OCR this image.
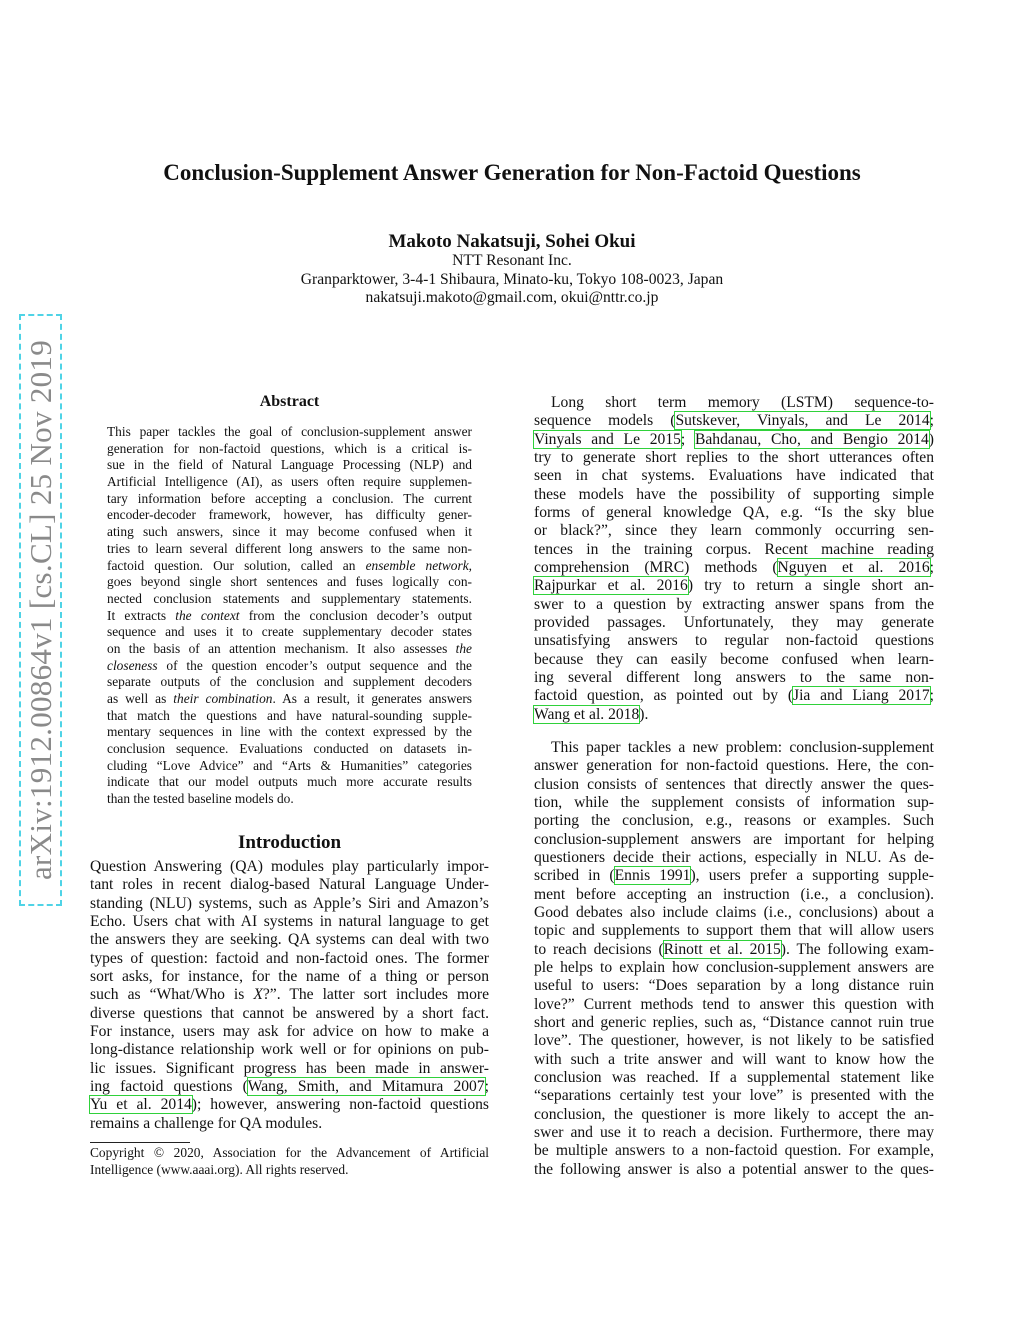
arXiv:1912.00864v1 [cs.CL] 25 Nov 2019
Conclusion-Supplement Answer Generation for Non-Factoid Questions
Makoto Nakatsuji, Sohei Okui
NTT Resonant Inc.
Granparktower, 3-4-1 Shibaura, Minato-ku, Tokyo 108-0023, Japan
nakatsuji.makoto@gmail.com, okui@nttr.co.jp
Abstract
This paper tackles the goal of conclusion-supplement answer
generation for non-factoid questions, which is a critical is-
sue in the field of Natural Language Processing (NLP) and
Artificial Intelligence (AI), as users often require supplemen-
tary information before accepting a conclusion. The current
encoder-decoder framework, however, has difficulty gener-
ating such answers, since it may become confused when it
tries to learn several different long answers to the same non-
factoid question. Our solution, called an ensemble network,
goes beyond single short sentences and fuses logically con-
nected conclusion statements and supplementary statements.
It extracts the context from the conclusion decoder’s output
sequence and uses it to create supplementary decoder states
on the basis of an attention mechanism. It also assesses the
closeness of the question encoder’s output sequence and the
separate outputs of the conclusion and supplement decoders
as well as their combination. As a result, it generates answers
that match the questions and have natural-sounding supple-
mentary sequences in line with the context expressed by the
conclusion sequence. Evaluations conducted on datasets in-
cluding “Love Advice” and “Arts & Humanities” categories
indicate that our model outputs much more accurate results
than the tested baseline models do.
Introduction
Question Answering (QA) modules play particularly impor-
tant roles in recent dialog-based Natural Language Under-
standing (NLU) systems, such as Apple’s Siri and Amazon’s
Echo. Users chat with AI systems in natural language to get
the answers they are seeking. QA systems can deal with two
types of question: factoid and non-factoid ones. The former
sort asks, for instance, for the name of a thing or person
such as “What/Who is X?”. The latter sort includes more
diverse questions that cannot be answered by a short fact.
For instance, users may ask for advice on how to make a
long-distance relationship work well or for opinions on pub-
lic issues. Significant progress has been made in answer-
ing factoid questions (Wang, Smith, and Mitamura 2007;
Yu et al. 2014); however, answering non-factoid questions
remains a challenge for QA modules.
Copyright © 2020, Association for the Advancement of Artificial
Intelligence (www.aaai.org). All rights reserved.
Long short term memory (LSTM) sequence-to-
sequence models (Sutskever, Vinyals, and Le 2014;
Vinyals and Le 2015; Bahdanau, Cho, and Bengio 2014)
try to generate short replies to the short utterances often
seen in chat systems. Evaluations have indicated that
these models have the possibility of supporting simple
forms of general knowledge QA, e.g. “Is the sky blue
or black?”, since they learn commonly occurring sen-
tences in the training corpus. Recent machine reading
comprehension (MRC) methods (Nguyen et al. 2016;
Rajpurkar et al. 2016) try to return a single short an-
swer to a question by extracting answer spans from the
provided passages. Unfortunately, they may generate
unsatisfying answers to regular non-factoid questions
because they can easily become confused when learn-
ing several different long answers to the same non-
factoid question, as pointed out by (Jia and Liang 2017;
Wang et al. 2018).
This paper tackles a new problem: conclusion-supplement
answer generation for non-factoid questions. Here, the con-
clusion consists of sentences that directly answer the ques-
tion, while the supplement consists of information sup-
porting the conclusion, e.g., reasons or examples. Such
conclusion-supplement answers are important for helping
questioners decide their actions, especially in NLU. As de-
scribed in (Ennis 1991), users prefer a supporting supple-
ment before accepting an instruction (i.e., a conclusion).
Good debates also include claims (i.e., conclusions) about a
topic and supplements to support them that will allow users
to reach decisions (Rinott et al. 2015). The following exam-
ple helps to explain how conclusion-supplement answers are
useful to users: “Does separation by a long distance ruin
love?” Current methods tend to answer this question with
short and generic replies, such as, “Distance cannot ruin true
love”. The questioner, however, is not likely to be satisfied
with such a trite answer and will want to know how the
conclusion was reached. If a supplemental statement like
“separations certainly test your love” is presented with the
conclusion, the questioner is more likely to accept the an-
swer and use it to reach a decision. Furthermore, there may
be multiple answers to a non-factoid question. For example,
the following answer is also a potential answer to the ques-
